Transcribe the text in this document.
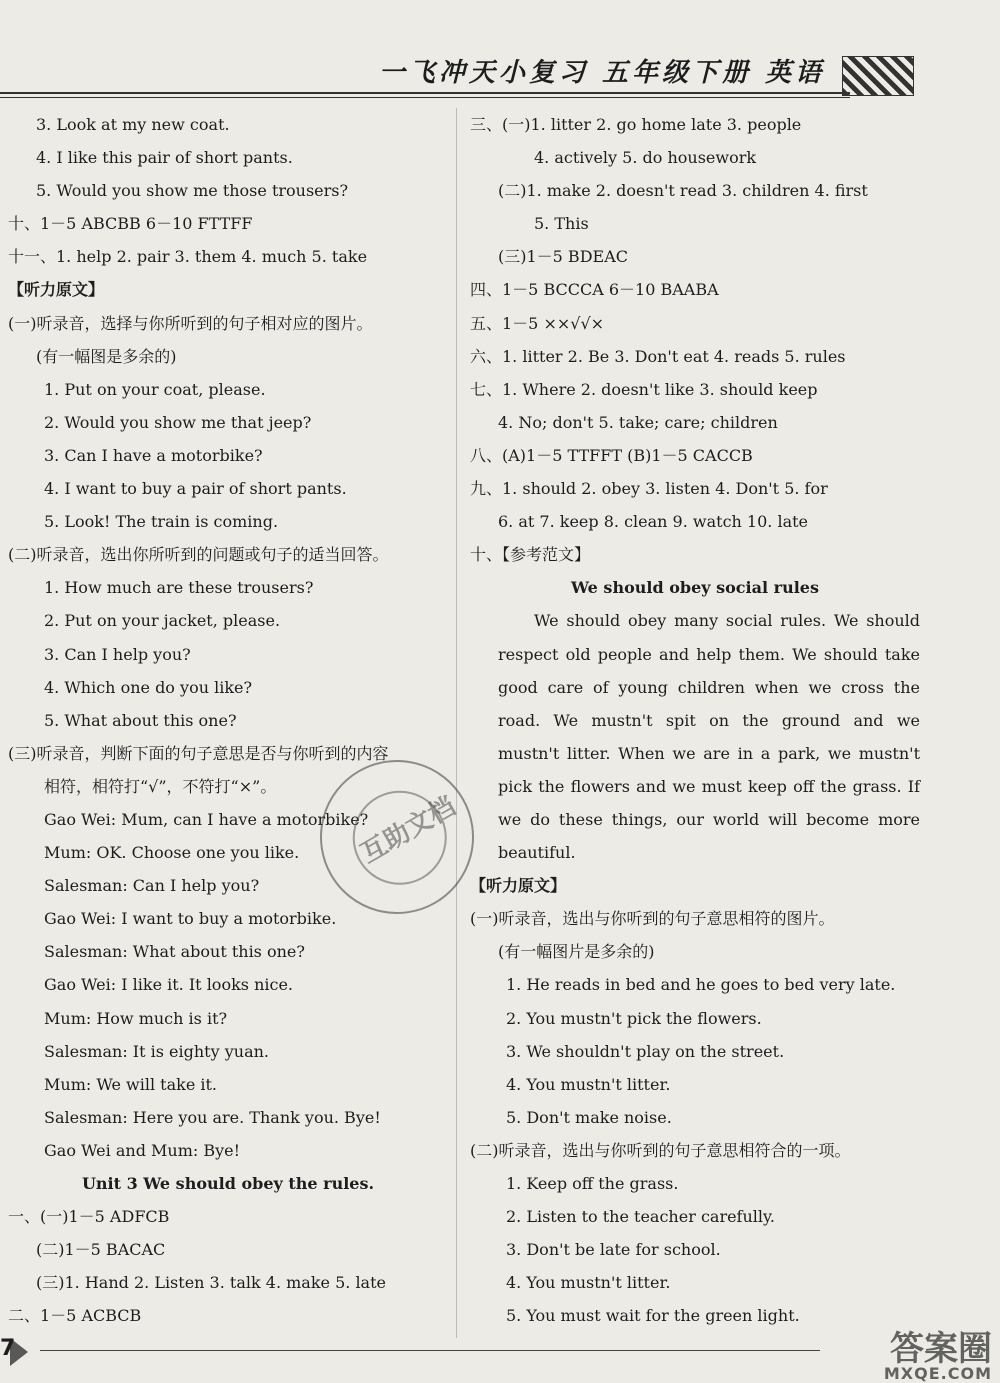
一飞冲天小复习 五年级下册 英语
3. Look at my new coat.
4. I like this pair of short pants.
5. Would you show me those trousers?
十、1－5 ABCBB 6－10 FTTFF
十一、1. help 2. pair 3. them 4. much 5. take
【听力原文】
(一)听录音，选择与你所听到的句子相对应的图片。
(有一幅图是多余的)
1. Put on your coat, please.
2. Would you show me that jeep?
3. Can I have a motorbike?
4. I want to buy a pair of short pants.
5. Look! The train is coming.
(二)听录音，选出你所听到的问题或句子的适当回答。
1. How much are these trousers?
2. Put on your jacket, please.
3. Can I help you?
4. Which one do you like?
5. What about this one?
(三)听录音，判断下面的句子意思是否与你听到的内容
相符，相符打“√”，不符打“×”。
Gao Wei: Mum, can I have a motorbike?
Mum: OK. Choose one you like.
Salesman: Can I help you?
Gao Wei: I want to buy a motorbike.
Salesman: What about this one?
Gao Wei: I like it. It looks nice.
Mum: How much is it?
Salesman: It is eighty yuan.
Mum: We will take it.
Salesman: Here you are. Thank you. Bye!
Gao Wei and Mum: Bye!
Unit 3 We should obey the rules.
一、(一)1－5 ADFCB
(二)1－5 BACAC
(三)1. Hand 2. Listen 3. talk 4. make 5. late
二、1－5 ACBCB
三、(一)1. litter 2. go home late 3. people
4. actively 5. do housework
(二)1. make 2. doesn't read 3. children 4. first
5. This
(三)1－5 BDEAC
四、1－5 BCCCA 6－10 BAABA
五、1－5 ××√√×
六、1. litter 2. Be 3. Don't eat 4. reads 5. rules
七、1. Where 2. doesn't like 3. should keep
4. No; don't 5. take; care; children
八、(A)1－5 TTFFT (B)1－5 CACCB
九、1. should 2. obey 3. listen 4. Don't 5. for
6. at 7. keep 8. clean 9. watch 10. late
十、【参考范文】
We should obey social rules
We should obey many social rules. We should
respect old people and help them. We should take
good care of young children when we cross the
road. We mustn't spit on the ground and we
mustn't litter. When we are in a park, we mustn't
pick the flowers and we must keep off the grass. If
we do these things, our world will become more
beautiful.
【听力原文】
(一)听录音，选出与你听到的句子意思相符的图片。
(有一幅图片是多余的)
1. He reads in bed and he goes to bed very late.
2. You mustn't pick the flowers.
3. We shouldn't play on the street.
4. You mustn't litter.
5. Don't make noise.
(二)听录音，选出与你听到的句子意思相符合的一项。
1. Keep off the grass.
2. Listen to the teacher carefully.
3. Don't be late for school.
4. You mustn't litter.
5. You must wait for the green light.
互助文档
7	答案圈
MXQE.COM
